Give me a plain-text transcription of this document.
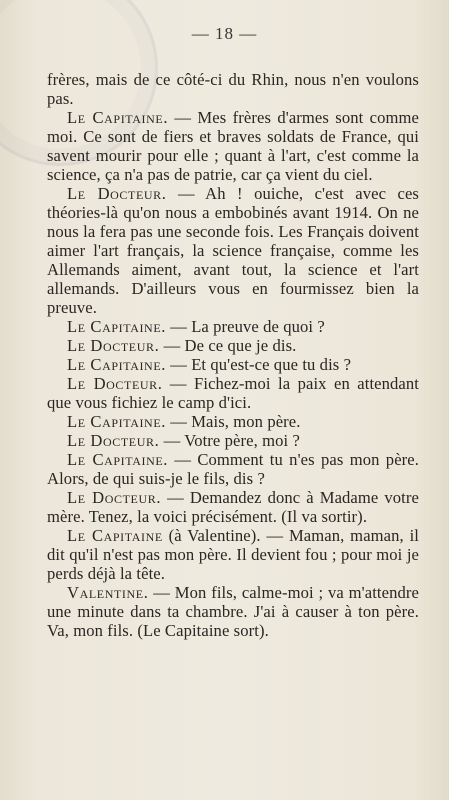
— 18 —

frères, mais de ce côté-ci du Rhin, nous n'en voulons pas.

Le Capitaine. — Mes frères d'armes sont comme moi. Ce sont de fiers et braves soldats de France, qui savent mourir pour elle ; quant à l'art, c'est comme la science, ça n'a pas de patrie, car ça vient du ciel.

Le Docteur. — Ah ! ouiche, c'est avec ces théories-là qu'on nous a embobinés avant 1914. On ne nous la fera pas une seconde fois. Les Français doivent aimer l'art français, la science française, comme les Allemands aiment, avant tout, la science et l'art allemands. D'ailleurs vous en fourmissez bien la preuve.

Le Capitaine. — La preuve de quoi ?

Le Docteur. — De ce que je dis.

Le Capitaine. — Et qu'est-ce que tu dis ?

Le Docteur. — Fichez-moi la paix en attendant que vous fichiez le camp d'ici.

Le Capitaine. — Mais, mon père.

Le Docteur. — Votre père, moi ?

Le Capitaine. — Comment tu n'es pas mon père. Alors, de qui suis-je le fils, dis ?

Le Docteur. — Demandez donc à Madame votre mère. Tenez, la voici précisément. (Il va sortir).

Le Capitaine (à Valentine). — Maman, maman, il dit qu'il n'est pas mon père. Il devient fou ; pour moi je perds déjà la tête.

Valentine. — Mon fils, calme-moi ; va m'attendre une minute dans ta chambre. J'ai à causer à ton père. Va, mon fils. (Le Capitaine sort).
